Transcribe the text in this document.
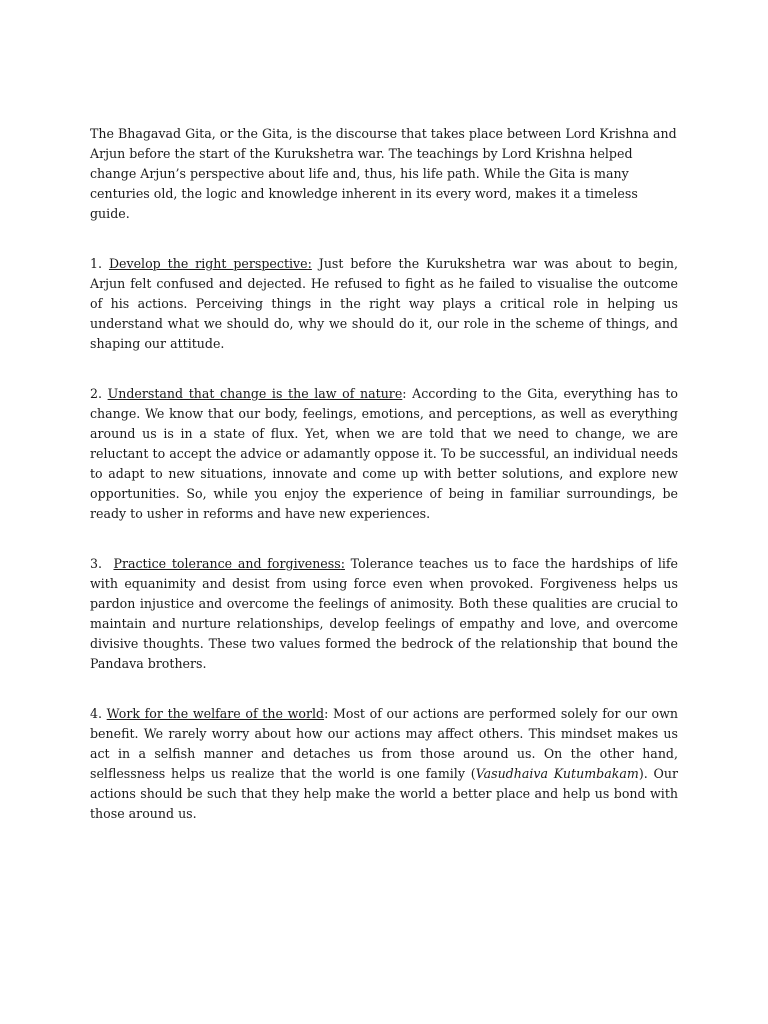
The Bhagavad Gita, or the Gita, is the discourse that takes place between Lord Krishna and Arjun before the start of the Kurukshetra war. The teachings by Lord Krishna helped change Arjun’s perspective about life and, thus, his life path. While the Gita is many centuries old, the logic and knowledge inherent in its every word, makes it a timeless guide.

1. Develop the right perspective: Just before the Kurukshetra war was about to begin, Arjun felt confused and dejected. He refused to fight as he failed to visualise the outcome of his actions. Perceiving things in the right way plays a critical role in helping us understand what we should do, why we should do it, our role in the scheme of things, and shaping our attitude.

2. Understand that change is the law of nature: According to the Gita, everything has to change. We know that our body, feelings, emotions, and perceptions, as well as everything around us is in a state of flux. Yet, when we are told that we need to change, we are reluctant to accept the advice or adamantly oppose it. To be successful, an individual needs to adapt to new situations, innovate and come up with better solutions, and explore new opportunities. So, while you enjoy the experience of being in familiar surroundings, be ready to usher in reforms and have new experiences.

3.  Practice tolerance and forgiveness: Tolerance teaches us to face the hardships of life with equanimity and desist from using force even when provoked. Forgiveness helps us pardon injustice and overcome the feelings of animosity. Both these qualities are crucial to maintain and nurture relationships, develop feelings of empathy and love, and overcome divisive thoughts. These two values formed the bedrock of the relationship that bound the Pandava brothers.

4. Work for the welfare of the world: Most of our actions are performed solely for our own benefit. We rarely worry about how our actions may affect others. This mindset makes us act in a selfish manner and detaches us from those around us. On the other hand, selflessness helps us realize that the world is one family (Vasudhaiva Kutumbakam). Our actions should be such that they help make the world a better place and help us bond with those around us.
